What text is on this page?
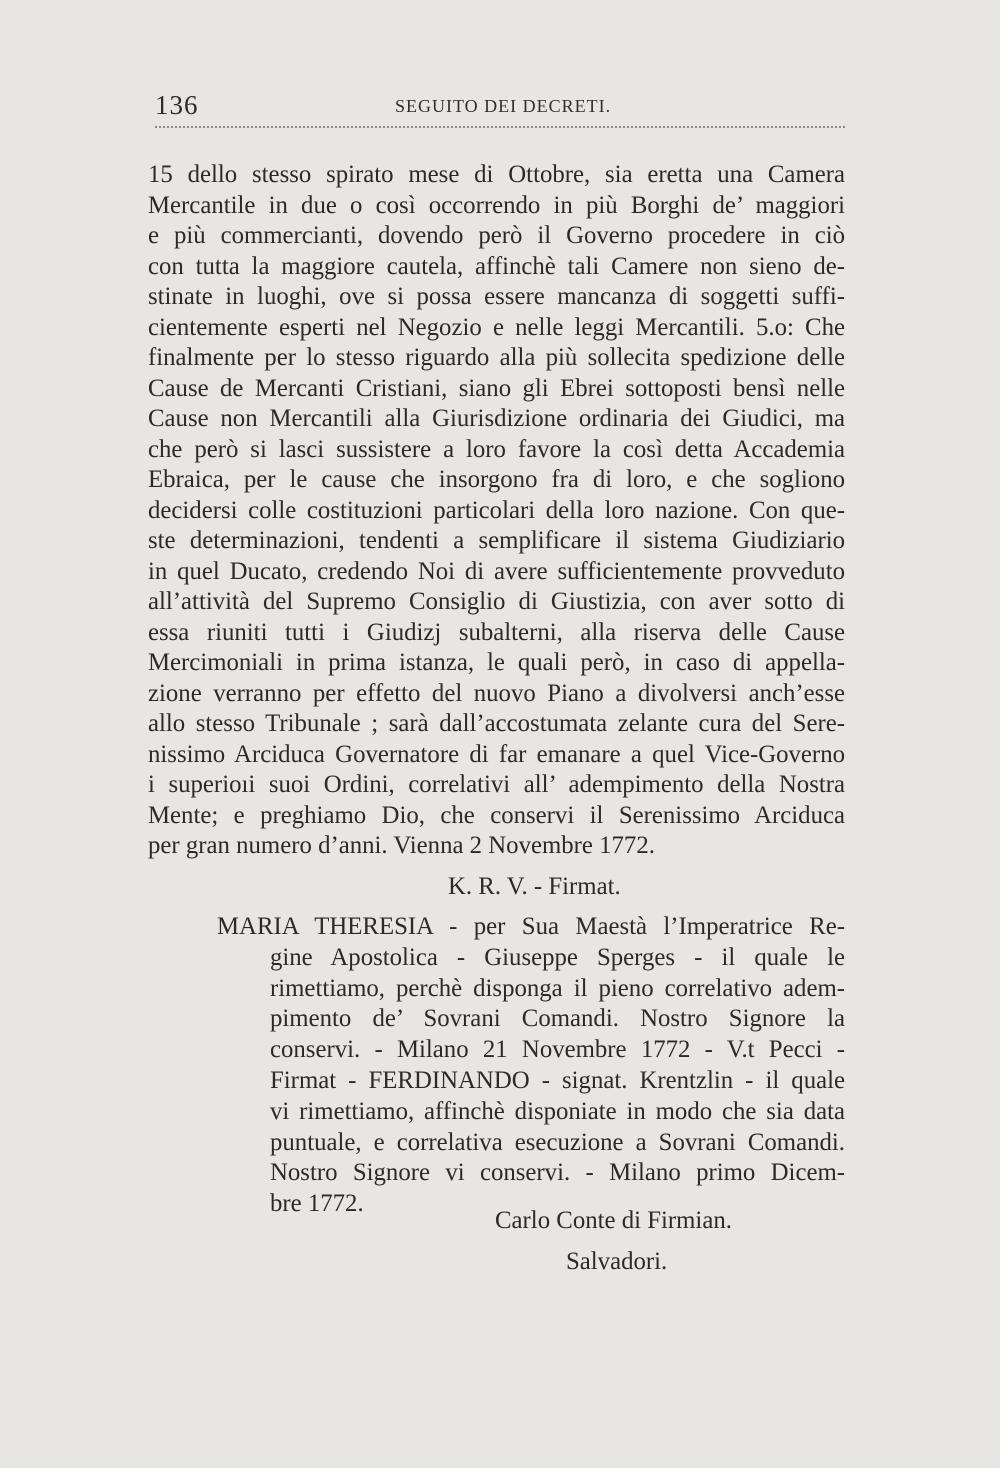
136	SEGUITO DEI DECRETI.
15 dello stesso spirato mese di Ottobre, sia eretta una Camera
Mercantile in due o così occorrendo in più Borghi de’ maggiori
e più commercianti, dovendo però il Governo procedere in ciò
con tutta la maggiore cautela, affinchè tali Camere non sieno de-
stinate in luoghi, ove si possa essere mancanza di soggetti suffi-
cientemente esperti nel Negozio e nelle leggi Mercantili. 5.o: Che
finalmente per lo stesso riguardo alla più sollecita spedizione delle
Cause de Mercanti Cristiani, siano gli Ebrei sottoposti bensì nelle
Cause non Mercantili alla Giurisdizione ordinaria dei Giudici, ma
che però si lasci sussistere a loro favore la così detta Accademia
Ebraica, per le cause che insorgono fra di loro, e che sogliono
decidersi colle costituzioni particolari della loro nazione. Con que-
ste determinazioni, tendenti a semplificare il sistema Giudiziario
in quel Ducato, credendo Noi di avere sufficientemente provveduto
all’attività del Supremo Consiglio di Giustizia, con aver sotto di
essa riuniti tutti i Giudizj subalterni, alla riserva delle Cause
Mercimoniali in prima istanza, le quali però, in caso di appella-
zione verranno per effetto del nuovo Piano a divolversi anch’esse
allo stesso Tribunale ; sarà dall’accostumata zelante cura del Sere-
nissimo Arciduca Governatore di far emanare a quel Vice-Governo
i superioıi suoi Ordini, correlativi all’ adempimento della Nostra
Mente; e preghiamo Dio, che conservi il Serenissimo Arciduca
per gran numero d’anni. Vienna 2 Novembre 1772.
K. R. V. - Firmat.
MARIA THERESIA - per Sua Maestà l’Imperatrice Re-
gine Apostolica - Giuseppe Sperges - il quale le
rimettiamo, perchè disponga il pieno correlativo adem-
pimento de’ Sovrani Comandi. Nostro Signore la
conservi. - Milano 21 Novembre 1772 - V.t Pecci -
Firmat - FERDINANDO - signat. Krentzlin - il quale
vi rimettiamo, affinchè disponiate in modo che sia data
puntuale, e correlativa esecuzione a Sovrani Comandi.
Nostro Signore vi conservi. - Milano primo Dicem-
bre 1772.
Carlo Conte di Firmian.
Salvadori.
